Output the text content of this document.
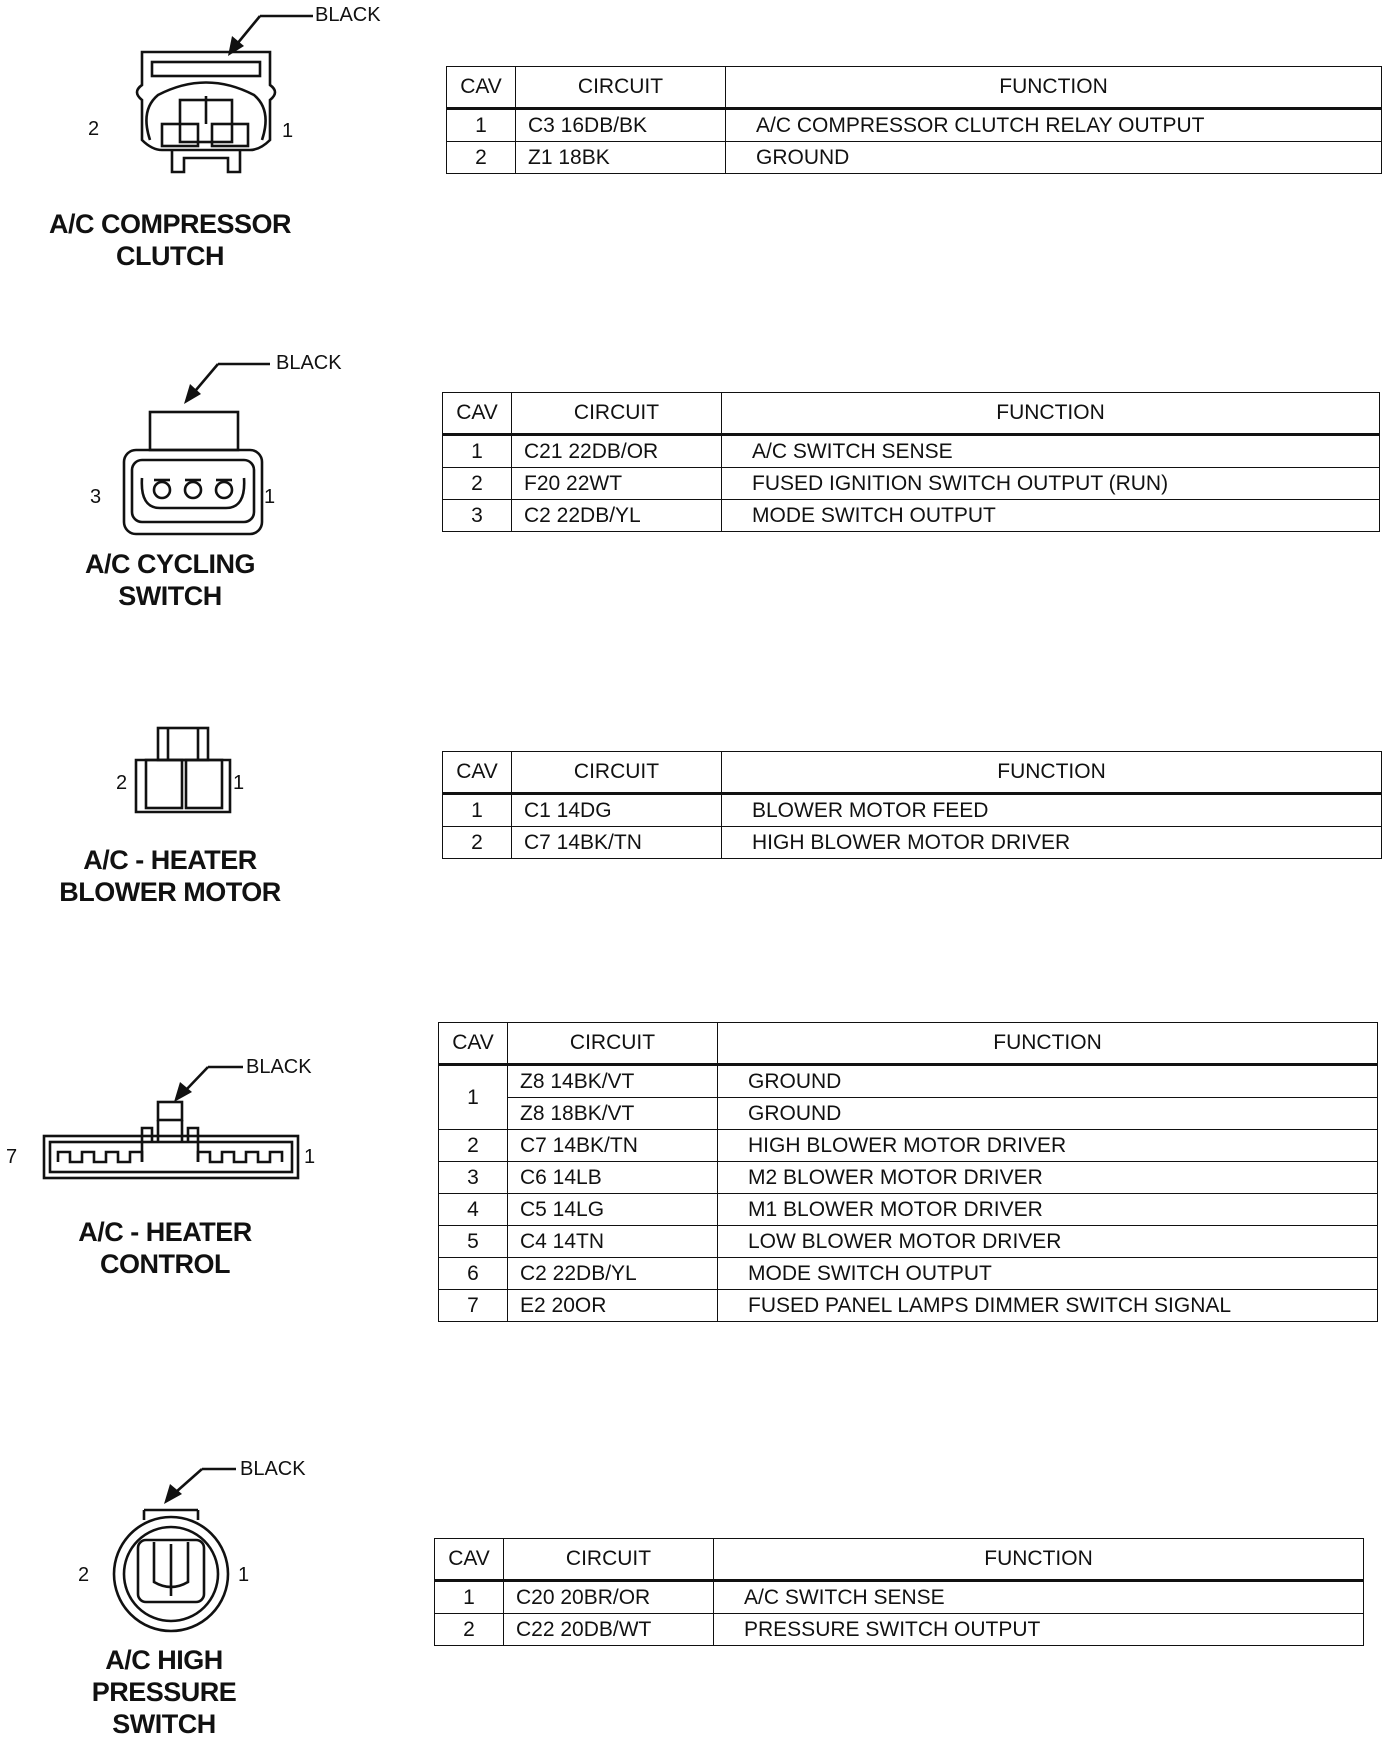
BLACK
2	1
A/C COMPRESSOR
CLUTCH
CAV	CIRCUIT	FUNCTION
1	C3 16DB/BK	A/C COMPRESSOR CLUTCH RELAY OUTPUT
2	Z1 18BK	GROUND
BLACK
3	1
A/C CYCLING
SWITCH
CAV	CIRCUIT	FUNCTION
1	C21 22DB/OR	A/C SWITCH SENSE
2	F20 22WT	FUSED IGNITION SWITCH OUTPUT (RUN)
3	C2 22DB/YL	MODE SWITCH OUTPUT
2	1
A/C - HEATER
BLOWER MOTOR
CAV	CIRCUIT	FUNCTION
1	C1 14DG	BLOWER MOTOR FEED
2	C7 14BK/TN	HIGH BLOWER MOTOR DRIVER
BLACK
7	1
A/C - HEATER
CONTROL
CAV	CIRCUIT	FUNCTION
1	Z8 14BK/VT	GROUND
	Z8 18BK/VT	GROUND
2	C7 14BK/TN	HIGH BLOWER MOTOR DRIVER
3	C6 14LB	M2 BLOWER MOTOR DRIVER
4	C5 14LG	M1 BLOWER MOTOR DRIVER
5	C4 14TN	LOW BLOWER MOTOR DRIVER
6	C2 22DB/YL	MODE SWITCH OUTPUT
7	E2 20OR	FUSED PANEL LAMPS DIMMER SWITCH SIGNAL
BLACK
2	1
A/C HIGH
PRESSURE
SWITCH
CAV	CIRCUIT	FUNCTION
1	C20 20BR/OR	A/C SWITCH SENSE
2	C22 20DB/WT	PRESSURE SWITCH OUTPUT
